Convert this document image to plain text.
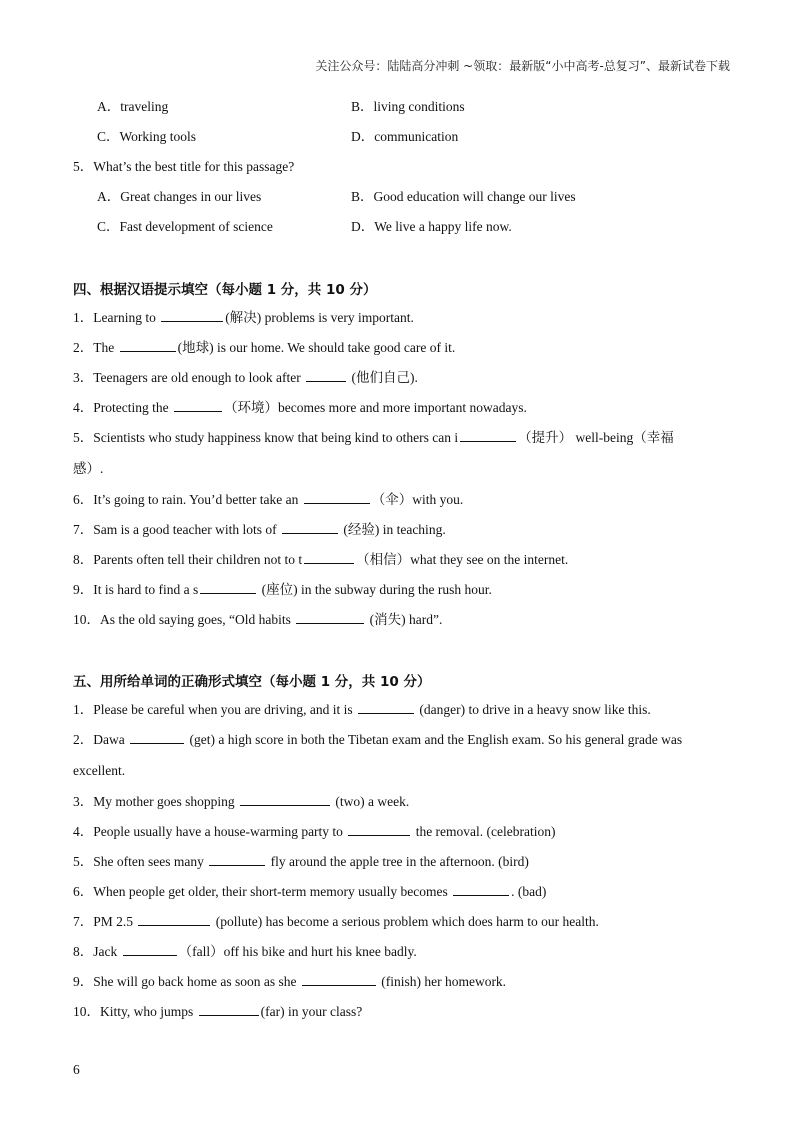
关注公众号：陆陆高分冲刺 ~领取：最新版“小中高考-总复习”、最新试卷下载
A．traveling	B．living conditions
C．Working tools	D．communication
5．What’s the best title for this passage?
A．Great changes in our lives	B．Good education will change our lives
C．Fast development of science	D．We live a happy life now.
四、根据汉语提示填空（每小题 1 分，共 10 分）
1．Learning to	(解决) problems is very important.
2．The	(地球) is our home. We should take good care of it.
3．Teenagers are old enough to look after	(他们自己).
4．Protecting the	（环境）becomes more and more important nowadays.
5．Scientists who study happiness know that being kind to others can i	（提升） well-being（幸福
感）.
6．It’s going to rain. You’d better take an	（伞）with you.
7．Sam is a good teacher with lots of	(经验) in teaching.
8．Parents often tell their children not to t	（相信）what they see on the internet.
9．It is hard to find a s	(座位) in the subway during the rush hour.
10．As the old saying goes, “Old habits	(消失) hard”.
五、用所给单词的正确形式填空（每小题 1 分，共 10 分）
1．Please be careful when you are driving, and it is	(danger) to drive in a heavy snow like this.
2．Dawa	(get) a high score in both the Tibetan exam and the English exam. So his general grade was
excellent.
3．My mother goes shopping	(two) a week.
4．People usually have a house-warming party to	the removal. (celebration)
5．She often sees many	fly around the apple tree in the afternoon. (bird)
6．When people get older, their short-term memory usually becomes	. (bad)
7．PM 2.5	(pollute) has become a serious problem which does harm to our health.
8．Jack	（fall）off his bike and hurt his knee badly.
9．She will go back home as soon as she	(finish) her homework.
10．Kitty, who jumps	(far) in your class?
6
